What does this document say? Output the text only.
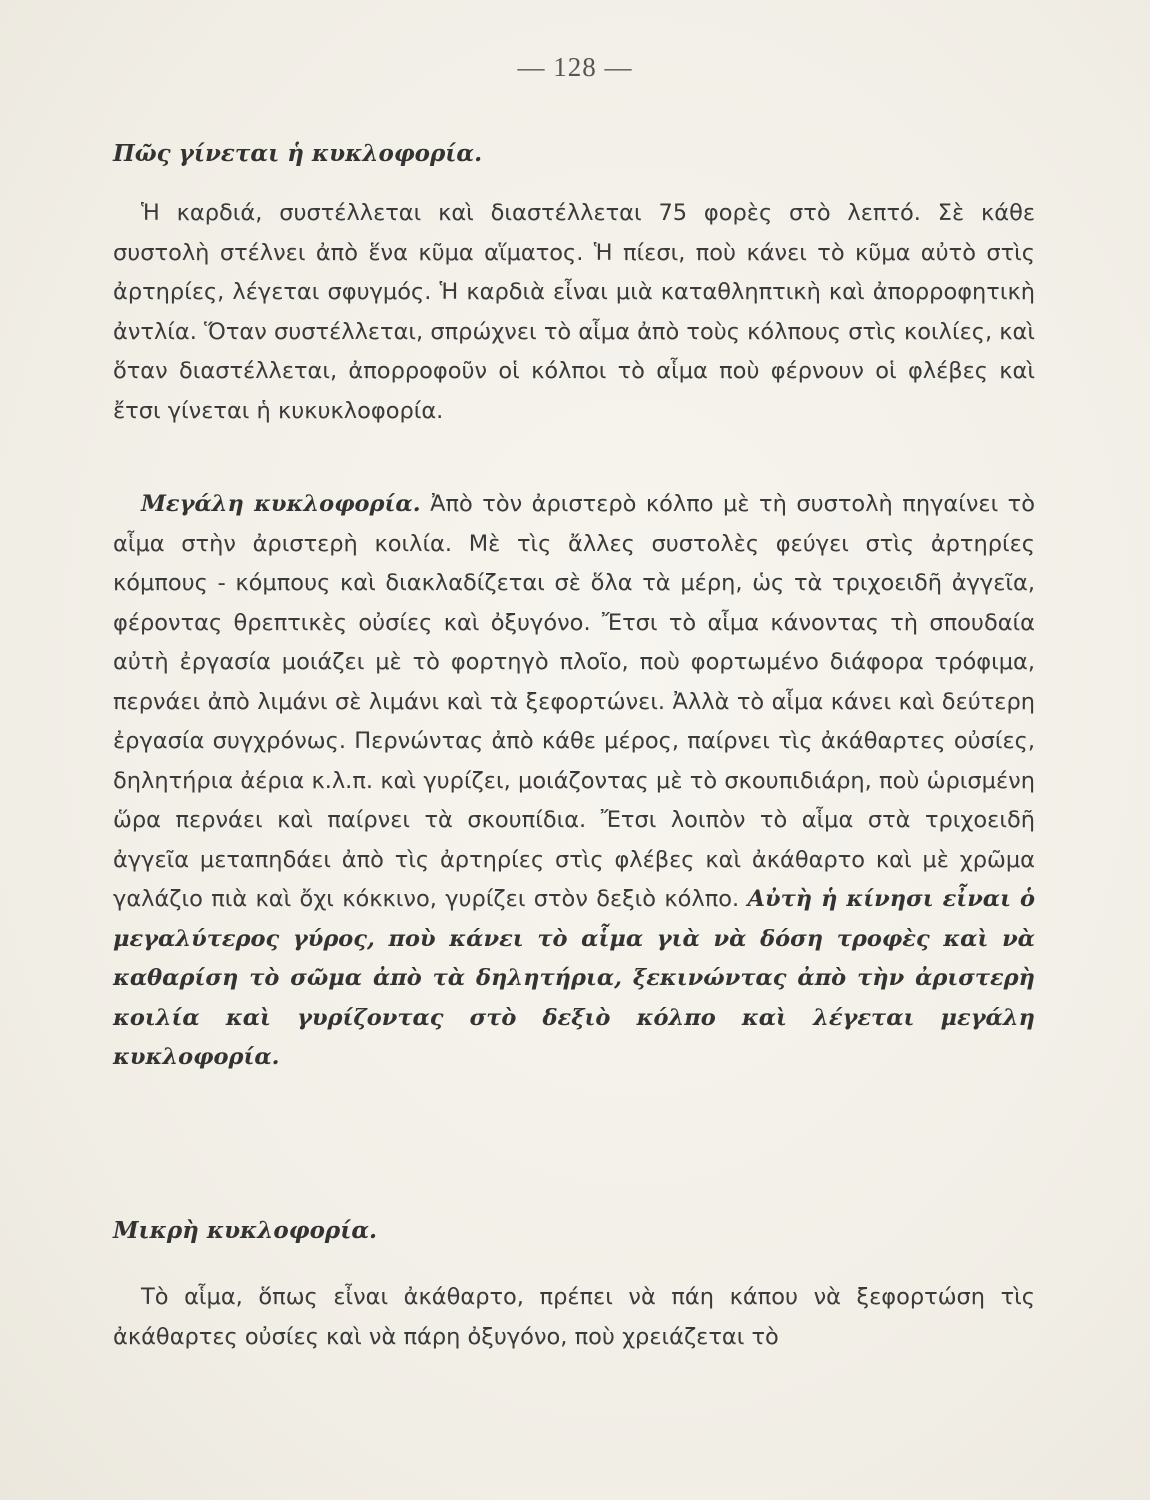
— 128 —
Πῶς γίνεται ἡ κυκλοφορία.
Ἡ καρδιά, συστέλλεται καὶ διαστέλλεται 75 φορὲς στὸ λεπτό. Σὲ κάθε συστολὴ στέλνει ἀπὸ ἕνα κῦμα αἵματος. Ἡ πίεσι, ποὺ κάνει τὸ κῦμα αὐτὸ στὶς ἀρτηρίες, λέγεται σφυγμός. Ἡ καρδιὰ εἶναι μιὰ καταθληπτικὴ καὶ ἀπορροφητικὴ ἀντλία. Ὅταν συστέλλεται, σπρώχνει τὸ αἷμα ἀπὸ τοὺς κόλπους στὶς κοιλίες, καὶ ὅταν διαστέλλεται, ἀπορροφοῦν οἱ κόλποι τὸ αἷμα ποὺ φέρνουν οἱ φλέβες καὶ ἔτσι γίνεται ἡ κυκυκλοφορία.
Μεγάλη κυκλοφορία. Ἀπὸ τὸν ἀριστερὸ κόλπο μὲ τὴ συστολὴ πηγαίνει τὸ αἷμα στὴν ἀριστερὴ κοιλία. Μὲ τὶς ἄλλες συστολὲς φεύγει στὶς ἀρτηρίες κόμπους - κόμπους καὶ διακλαδίζεται σὲ ὅλα τὰ μέρη, ὡς τὰ τριχοειδῆ ἀγγεῖα, φέροντας θρεπτικὲς οὐσίες καὶ ὀξυγόνο. Ἔτσι τὸ αἷμα κάνοντας τὴ σπουδαία αὐτὴ ἐργασία μοιάζει μὲ τὸ φορτηγὸ πλοῖο, ποὺ φορτωμένο διάφορα τρόφιμα, περνάει ἀπὸ λιμάνι σὲ λιμάνι καὶ τὰ ξεφορτώνει. Ἀλλὰ τὸ αἷμα κάνει καὶ δεύτερη ἐργασία συγχρόνως. Περνώντας ἀπὸ κάθε μέρος, παίρνει τὶς ἀκάθαρτες οὐσίες, δηλητήρια ἀέρια κ.λ.π. καὶ γυρίζει, μοιάζοντας μὲ τὸ σκουπιδιάρη, ποὺ ὡρισμένη ὥρα περνάει καὶ παίρνει τὰ σκουπίδια. Ἔτσι λοιπὸν τὸ αἷμα στὰ τριχοειδῆ ἀγγεῖα μεταπηδάει ἀπὸ τὶς ἀρτηρίες στὶς φλέβες καὶ ἀκάθαρτο καὶ μὲ χρῶμα γαλάζιο πιὰ καὶ ὄχι κόκκινο, γυρίζει στὸν δεξιὸ κόλπο. Αὐτὴ ἡ κίνησι εἶναι ὁ μεγαλύτερος γύρος, ποὺ κάνει τὸ αἷμα γιὰ νὰ δόση τροφὲς καὶ νὰ καθαρίση τὸ σῶμα ἀπὸ τὰ δηλητήρια, ξεκινώντας ἀπὸ τὴν ἀριστερὴ κοιλία καὶ γυρίζοντας στὸ δεξιὸ κόλπο καὶ λέγεται μεγάλη κυκλοφορία.
Μικρὴ κυκλοφορία.
Τὸ αἷμα, ὅπως εἶναι ἀκάθαρτο, πρέπει νὰ πάη κάπου νὰ ξεφορτώση τὶς ἀκάθαρτες οὐσίες καὶ νὰ πάρη ὀξυγόνο, ποὺ χρειάζεται τὸ
